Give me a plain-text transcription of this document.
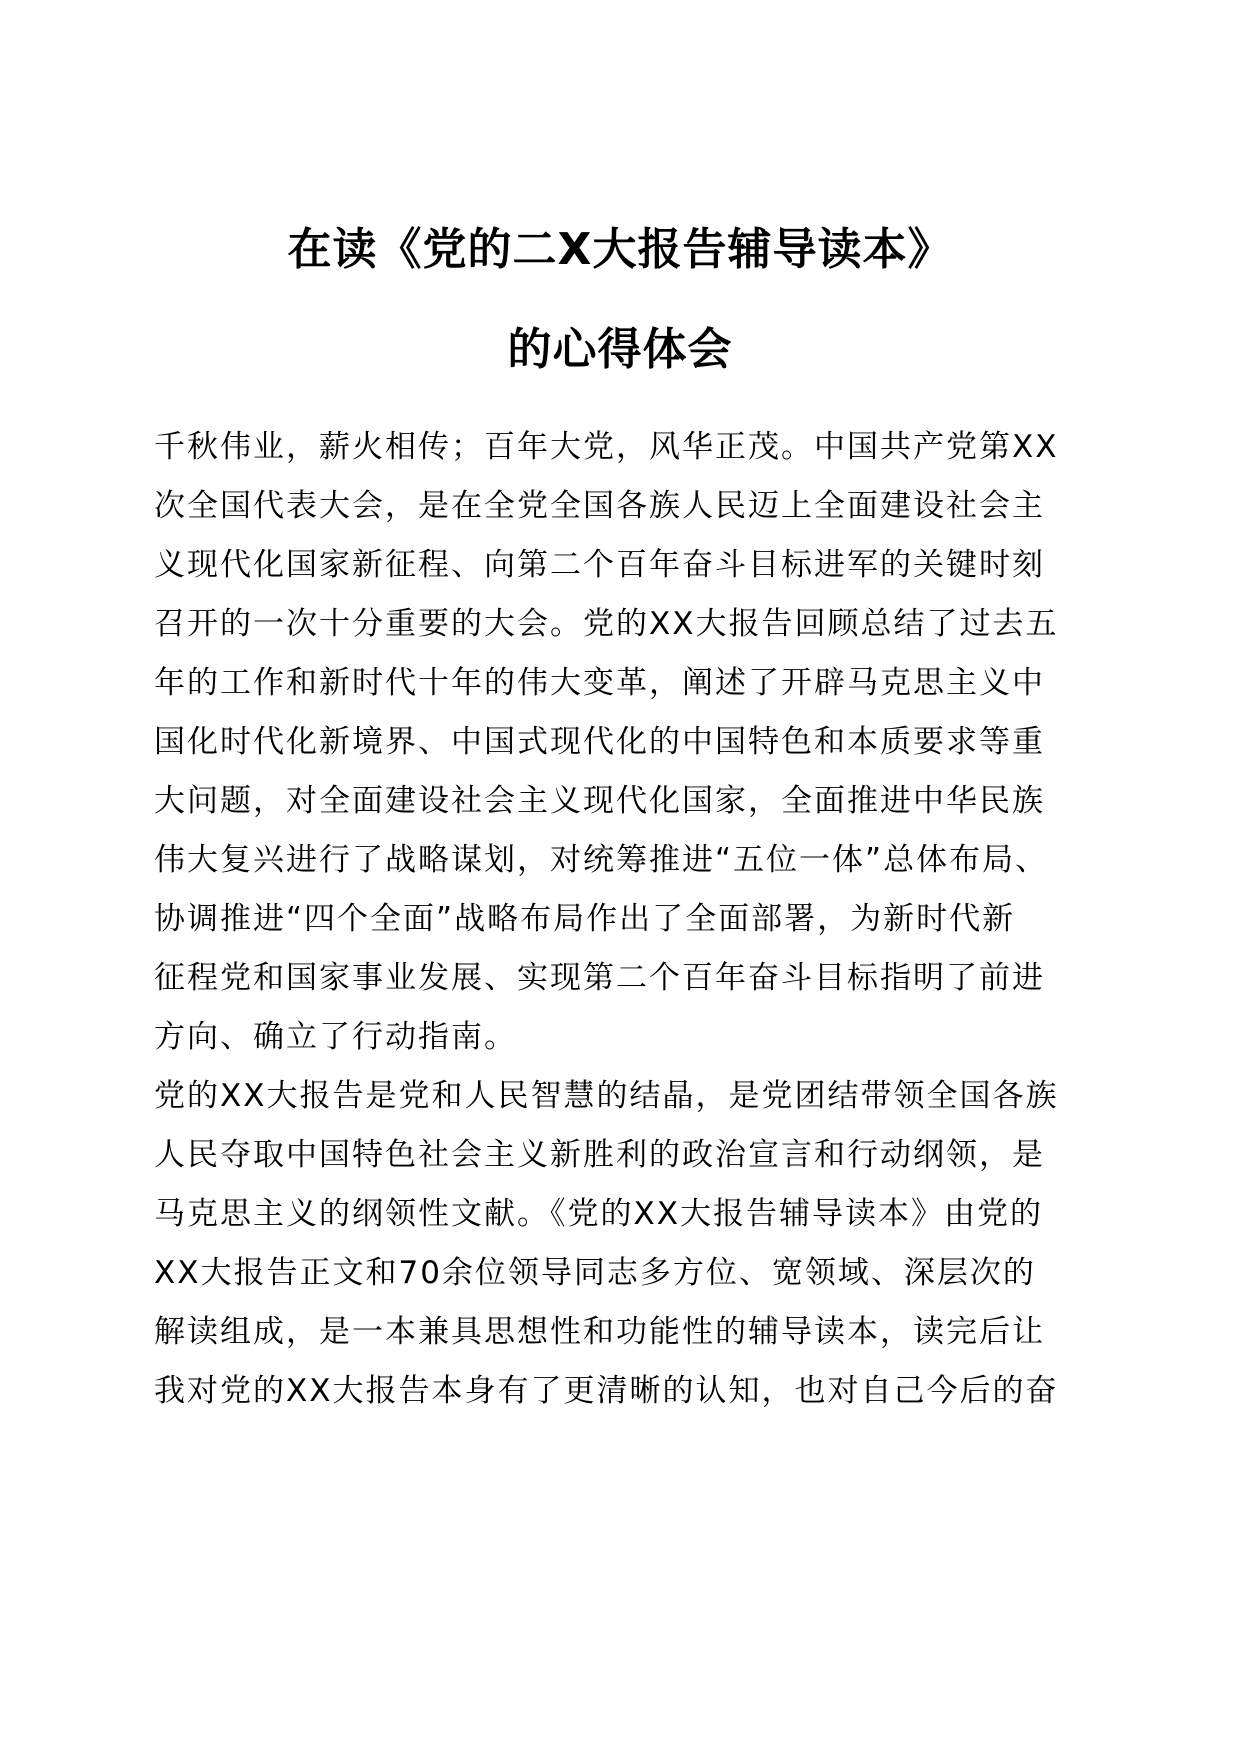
在读《党的二X大报告辅导读本》
的心得体会
千秋伟业，薪火相传；百年大党，风华正茂。中国共产党第XX
次全国代表大会，是在全党全国各族人民迈上全面建设社会主
义现代化国家新征程、向第二个百年奋斗目标进军的关键时刻
召开的一次十分重要的大会。党的XX大报告回顾总结了过去五
年的工作和新时代十年的伟大变革，阐述了开辟马克思主义中
国化时代化新境界、中国式现代化的中国特色和本质要求等重
大问题，对全面建设社会主义现代化国家，全面推进中华民族
伟大复兴进行了战略谋划，对统筹推进“五位一体”总体布局、
协调推进“四个全面”战略布局作出了全面部署，为新时代新
征程党和国家事业发展、实现第二个百年奋斗目标指明了前进
方向、确立了行动指南。
党的XX大报告是党和人民智慧的结晶，是党团结带领全国各族
人民夺取中国特色社会主义新胜利的政治宣言和行动纲领，是
马克思主义的纲领性文献。《党的XX大报告辅导读本》由党的
XX大报告正文和70余位领导同志多方位、宽领域、深层次的
解读组成，是一本兼具思想性和功能性的辅导读本，读完后让
我对党的XX大报告本身有了更清晰的认知，也对自己今后的奋
